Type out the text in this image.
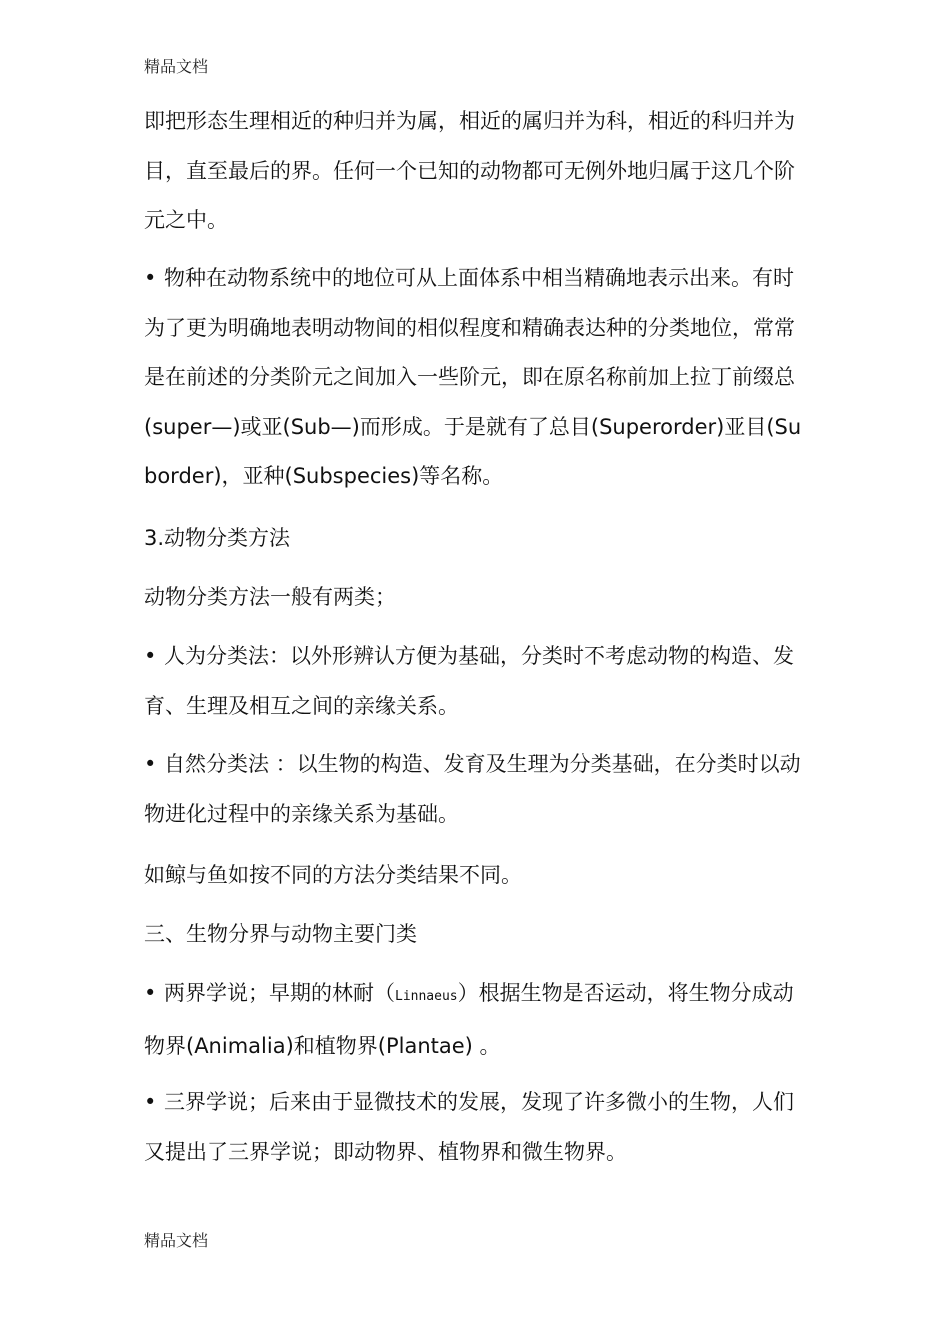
精品文档
即把形态生理相近的种归并为属，相近的属归并为科，相近的科归并为目，直至最后的界。任何一个已知的动物都可无例外地归属于这几个阶元之中。
• 物种在动物系统中的地位可从上面体系中相当精确地表示出来。有时为了更为明确地表明动物间的相似程度和精确表达种的分类地位，常常是在前述的分类阶元之间加入一些阶元，即在原名称前加上拉丁前缀总(super—)或亚(Sub—)而形成。于是就有了总目(Superorder)亚目(Suborder)，亚种(Subspecies)等名称。
3.动物分类方法
动物分类方法一般有两类；
• 人为分类法：以外形辨认方便为基础，分类时不考虑动物的构造、发育、生理及相互之间的亲缘关系。
• 自然分类法 ：以生物的构造、发育及生理为分类基础，在分类时以动物进化过程中的亲缘关系为基础。
如鲸与鱼如按不同的方法分类结果不同。
三、生物分界与动物主要门类
• 两界学说；早期的林耐（Linnaeus）根据生物是否运动，将生物分成动物界(Animalia)和植物界(Plantae) 。
• 三界学说；后来由于显微技术的发展，发现了许多微小的生物，人们又提出了三界学说；即动物界、植物界和微生物界。
精品文档
